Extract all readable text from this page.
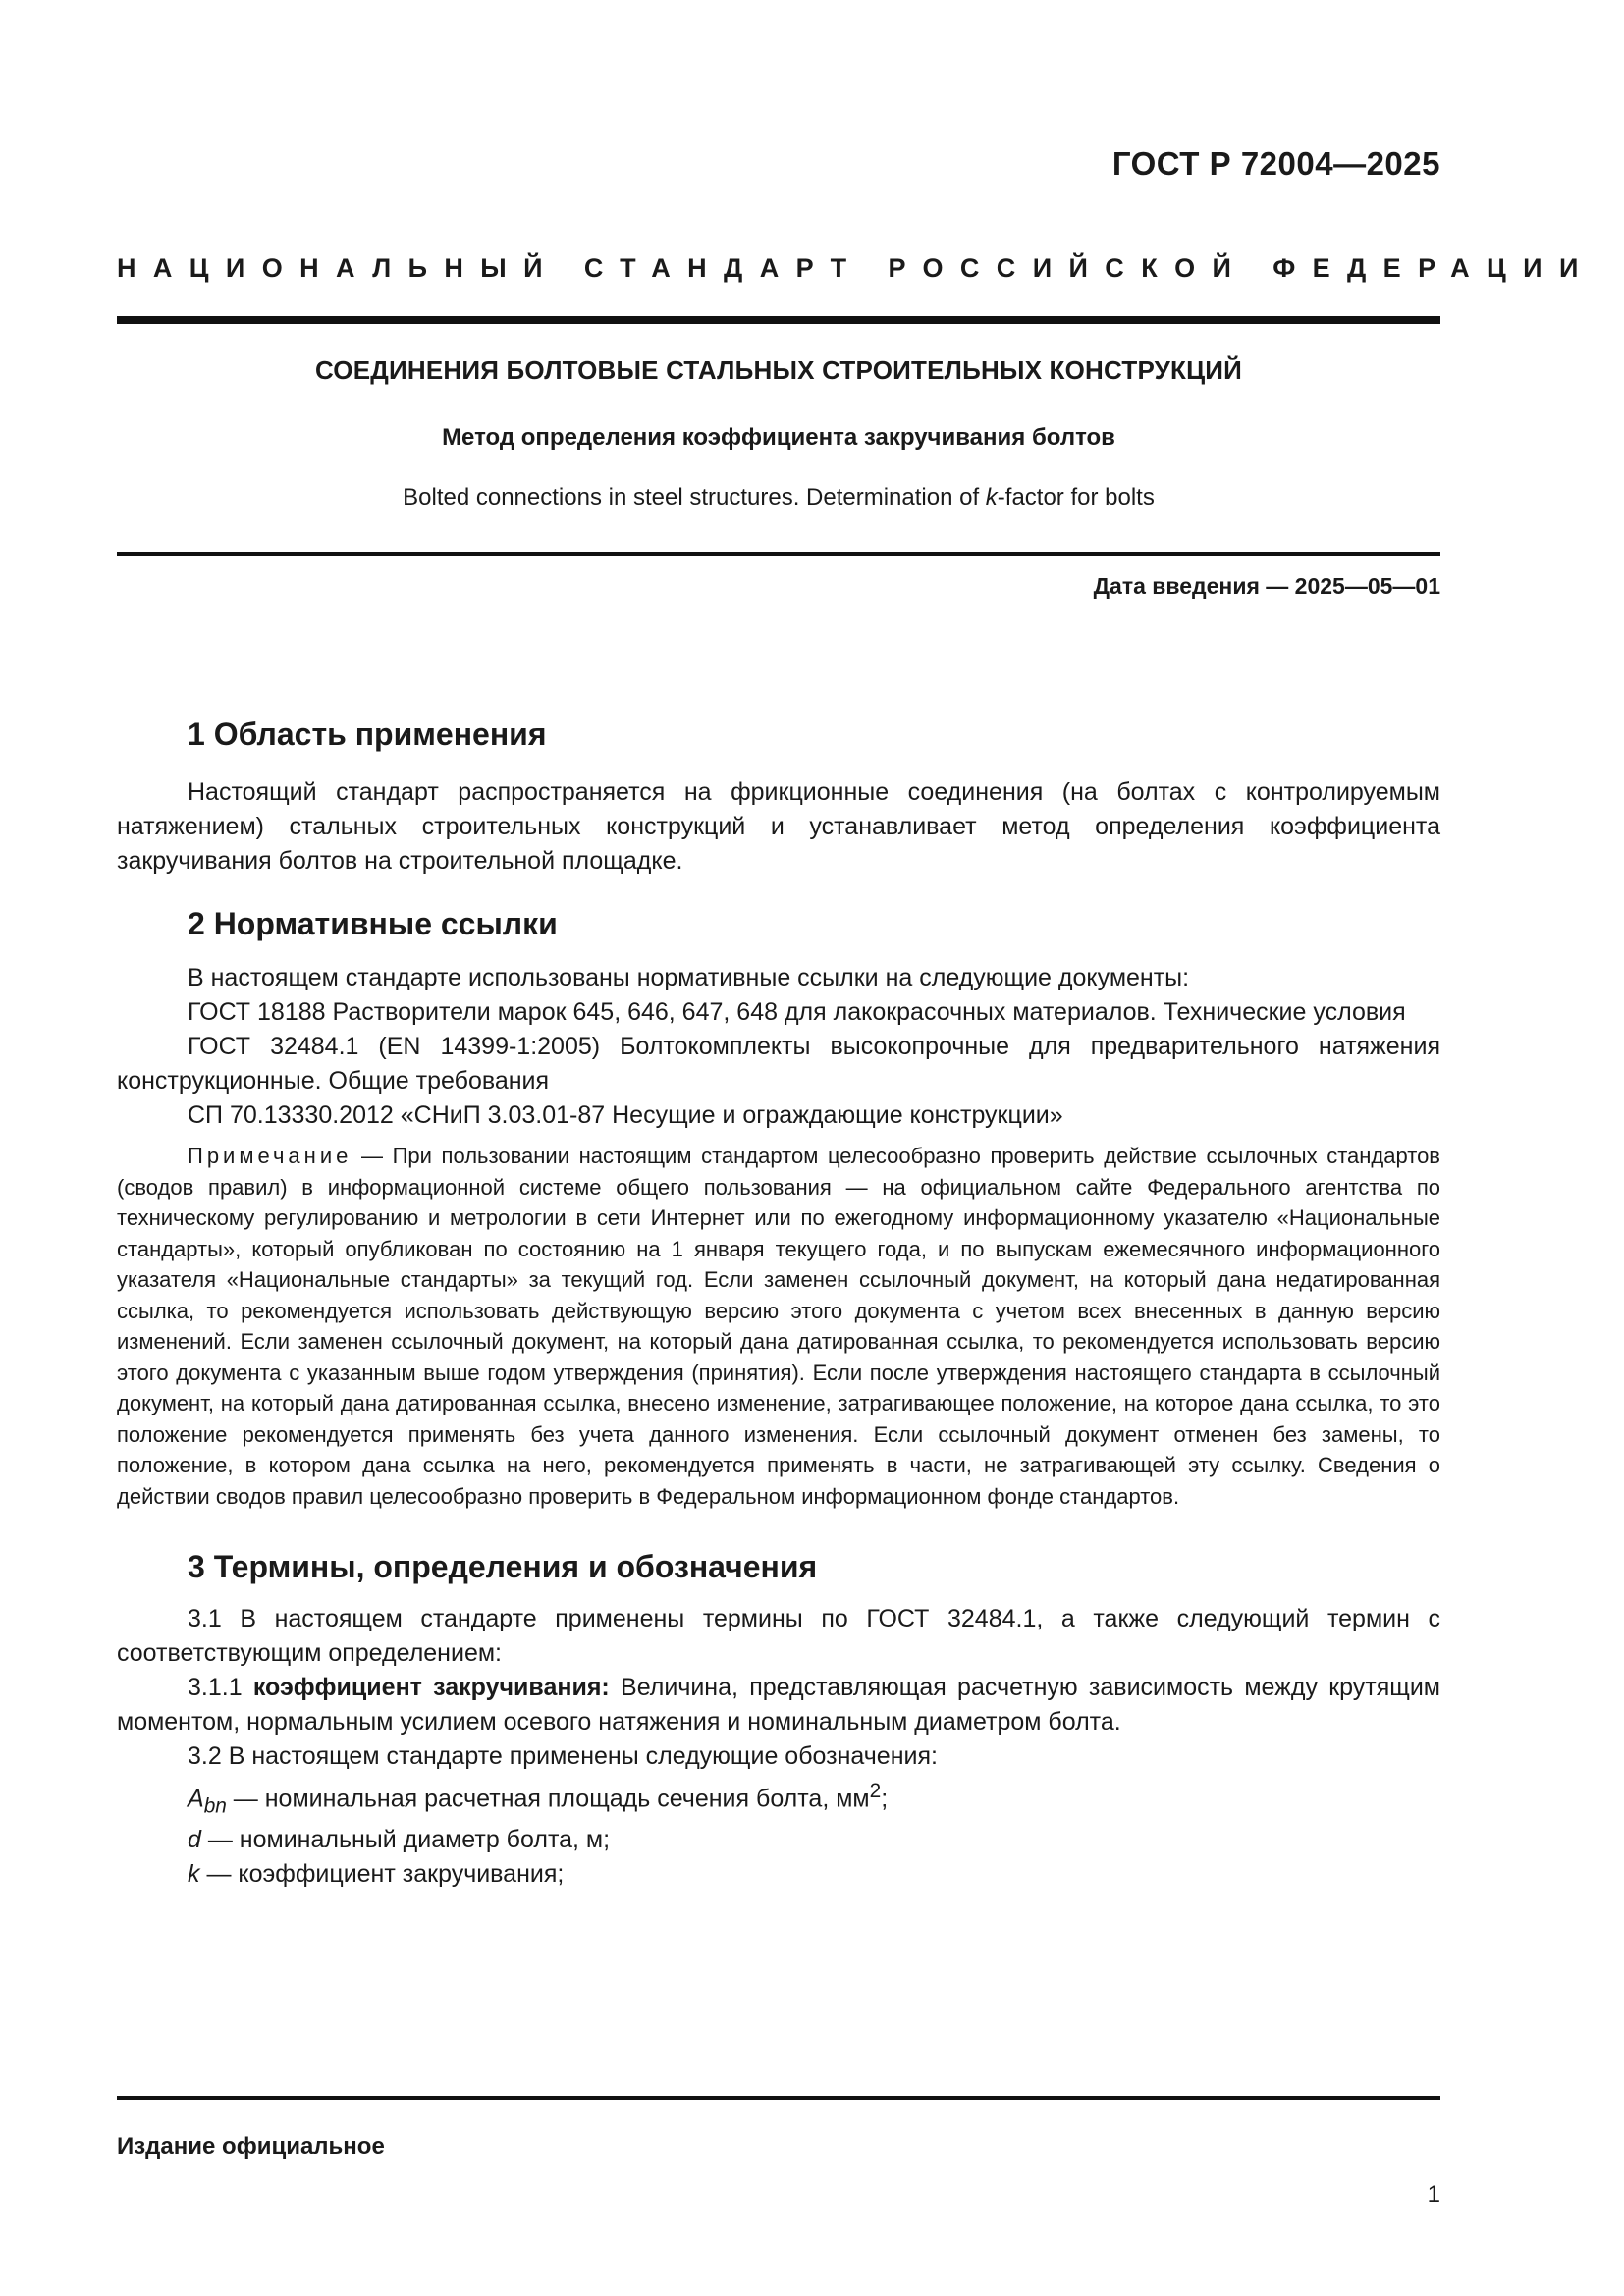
ГОСТ Р 72004—2025
НАЦИОНАЛЬНЫЙ СТАНДАРТ РОССИЙСКОЙ ФЕДЕРАЦИИ
СОЕДИНЕНИЯ БОЛТОВЫЕ СТАЛЬНЫХ СТРОИТЕЛЬНЫХ КОНСТРУКЦИЙ
Метод определения коэффициента закручивания болтов
Bolted connections in steel structures. Determination of k-factor for bolts
Дата введения — 2025—05—01
1 Область применения

Настоящий стандарт распространяется на фрикционные соединения (на болтах с контролируемым натяжением) стальных строительных конструкций и устанавливает метод определения коэффициента закручивания болтов на строительной площадке.

2 Нормативные ссылки

В настоящем стандарте использованы нормативные ссылки на следующие документы:

ГОСТ 18188 Растворители марок 645, 646, 647, 648 для лакокрасочных материалов. Технические условия

ГОСТ 32484.1 (EN 14399-1:2005) Болтокомплекты высокопрочные для предварительного натяжения конструкционные. Общие требования

СП 70.13330.2012 «СНиП 3.03.01-87 Несущие и ограждающие конструкции»

Примечание — При пользовании настоящим стандартом целесообразно проверить действие ссылочных стандартов (сводов правил) в информационной системе общего пользования — на официальном сайте Федерального агентства по техническому регулированию и метрологии в сети Интернет или по ежегодному информационному указателю «Национальные стандарты», который опубликован по состоянию на 1 января текущего года, и по выпускам ежемесячного информационного указателя «Национальные стандарты» за текущий год. Если заменен ссылочный документ, на который дана недатированная ссылка, то рекомендуется использовать действующую версию этого документа с учетом всех внесенных в данную версию изменений. Если заменен ссылочный документ, на который дана датированная ссылка, то рекомендуется использовать версию этого документа с указанным выше годом утверждения (принятия). Если после утверждения настоящего стандарта в ссылочный документ, на который дана датированная ссылка, внесено изменение, затрагивающее положение, на которое дана ссылка, то это положение рекомендуется применять без учета данного изменения. Если ссылочный документ отменен без замены, то положение, в котором дана ссылка на него, рекомендуется применять в части, не затрагивающей эту ссылку. Сведения о действии сводов правил целесообразно проверить в Федеральном информационном фонде стандартов.

3 Термины, определения и обозначения

3.1 В настоящем стандарте применены термины по ГОСТ 32484.1, а также следующий термин с соответствующим определением:

3.1.1 коэффициент закручивания: Величина, представляющая расчетную зависимость между крутящим моментом, нормальным усилием осевого натяжения и номинальным диаметром болта.

3.2 В настоящем стандарте применены следующие обозначения:

$A_{bn}$ — номинальная расчетная площадь сечения болта, $мм^2$;

d — номинальный диаметр болта, м;

k — коэффициент закручивания;

Издание официальное
1
